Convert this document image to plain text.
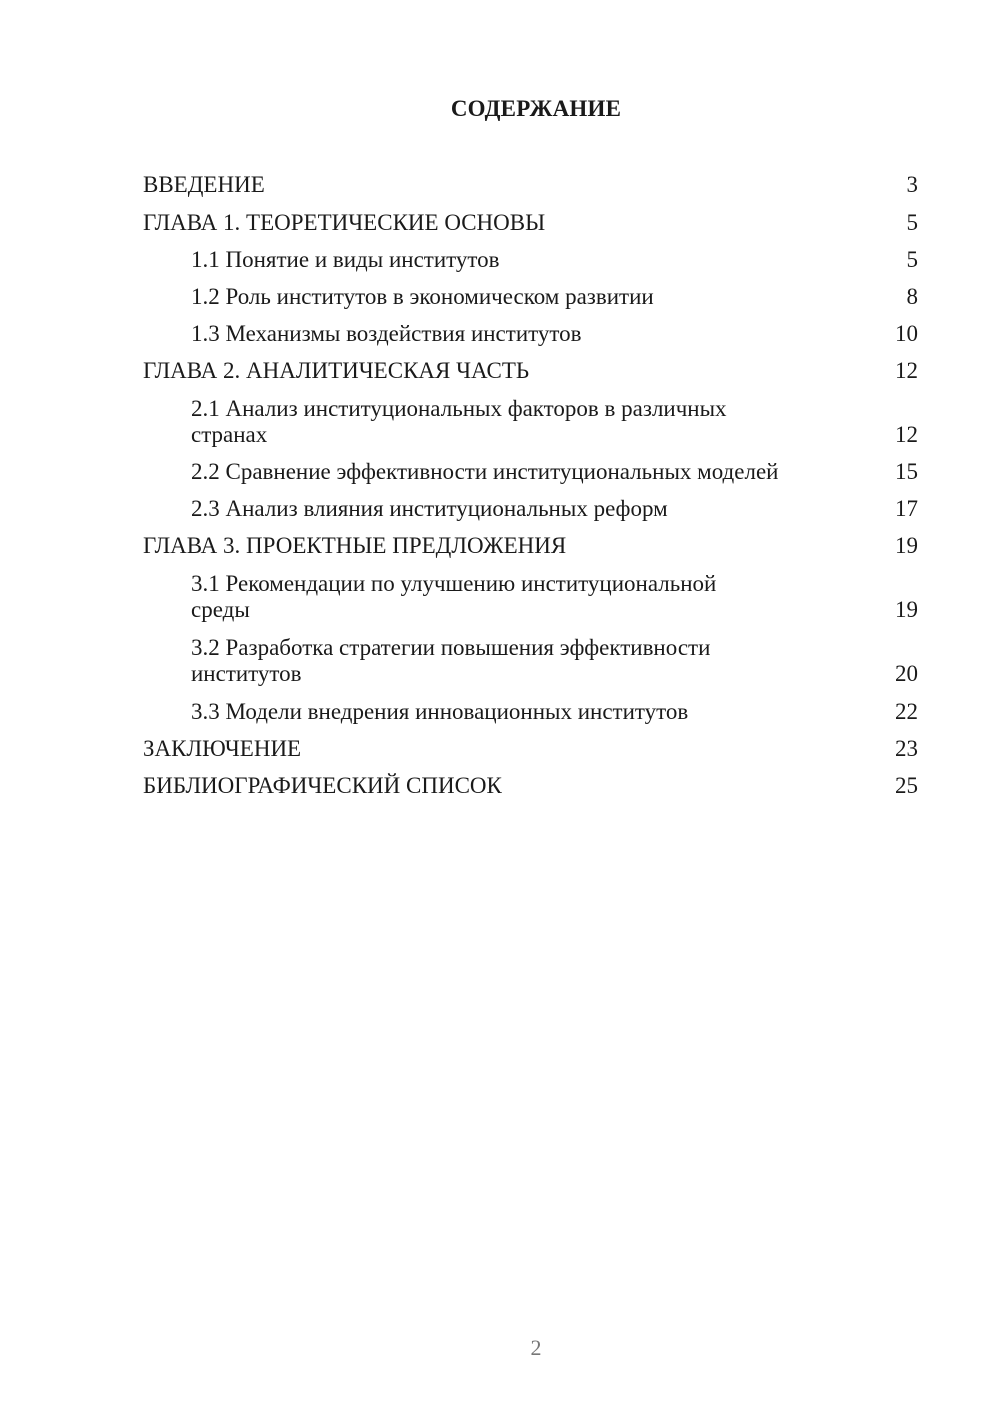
СОДЕРЖАНИЕ
ВВЕДЕНИЕ	3
ГЛАВА 1. ТЕОРЕТИЧЕСКИЕ ОСНОВЫ	5
1.1 Понятие и виды институтов	5
1.2 Роль институтов в экономическом развитии	8
1.3 Механизмы воздействия институтов	10
ГЛАВА 2. АНАЛИТИЧЕСКАЯ ЧАСТЬ	12
2.1 Анализ институциональных факторов в различных
странах	12
2.2 Сравнение эффективности институциональных моделей	15
2.3 Анализ влияния институциональных реформ	17
ГЛАВА 3. ПРОЕКТНЫЕ ПРЕДЛОЖЕНИЯ	19
3.1 Рекомендации по улучшению институциональной
среды	19
3.2 Разработка стратегии повышения эффективности
институтов	20
3.3 Модели внедрения инновационных институтов	22
ЗАКЛЮЧЕНИЕ	23
БИБЛИОГРАФИЧЕСКИЙ СПИСОК	25
2
